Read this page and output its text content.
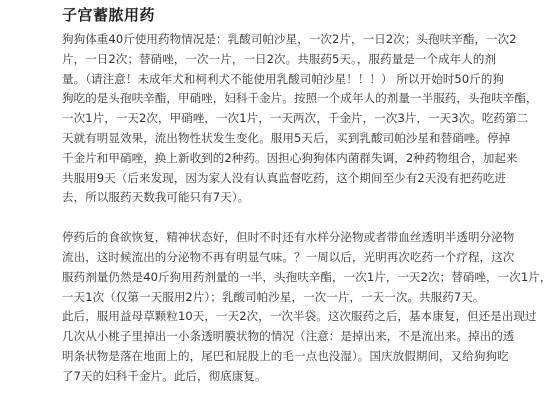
子宫蓄脓用药

狗狗体重40斤使用药物情况是：乳酸司帕沙星，一次2片，一日2次；头孢呋辛酯，一次2
片，一日2次；替硝唑，一次一片，一日2次。共服药5天。，服药量是一个成年人的剂
量。（请注意！未成年犬和柯利犬不能使用乳酸司帕沙星！！！） 所以开始时50斤的狗
狗吃的是头孢呋辛酯，甲硝唑，妇科千金片。按照一个成年人的剂量一半服药，头孢呋辛酯，
一次1片，一天2次，甲硝唑，一次1片，一天两次，千金片，一次3片，一天3次。吃药第二
天就有明显效果，流出物性状发生变化。服用5天后，买到乳酸司帕沙星和替硝唑。停掉
千金片和甲硝唑，换上新收到的2种药。因担心狗狗体内菌群失调，2种药物组合，加起来
共服用9天（后来发现，因为家人没有认真监督吃药，这个期间至少有2天没有把药吃进
去，所以服药天数我可能只有7天）。

停药后的食欲恢复，精神状态好，但时不时还有水样分泌物或者带血丝透明半透明分泌物
流出，这时候流出的分泌物不再有明显气味。？一周以后，光明再次吃药一个疗程，这次
服药剂量仍然是40斤狗用药剂量的一半，头孢呋辛酯，一次1片，一天2次；替硝唑，一次1片，
一天1次（仅第一天服用2片）；乳酸司帕沙星，一次一片，一天一次。共服药7天。
此后，服用益母草颗粒10天，一天2次，一次半袋。这次服药之后，基本康复，但还是出现过
几次从小桃子里掉出一小条透明膜状物的情况（注意：是掉出来，不是流出来。掉出的透
明条状物是落在地面上的，尾巴和屁股上的毛一点也没湿）。国庆放假期间，又给狗狗吃
了7天的妇科千金片。此后，彻底康复。
